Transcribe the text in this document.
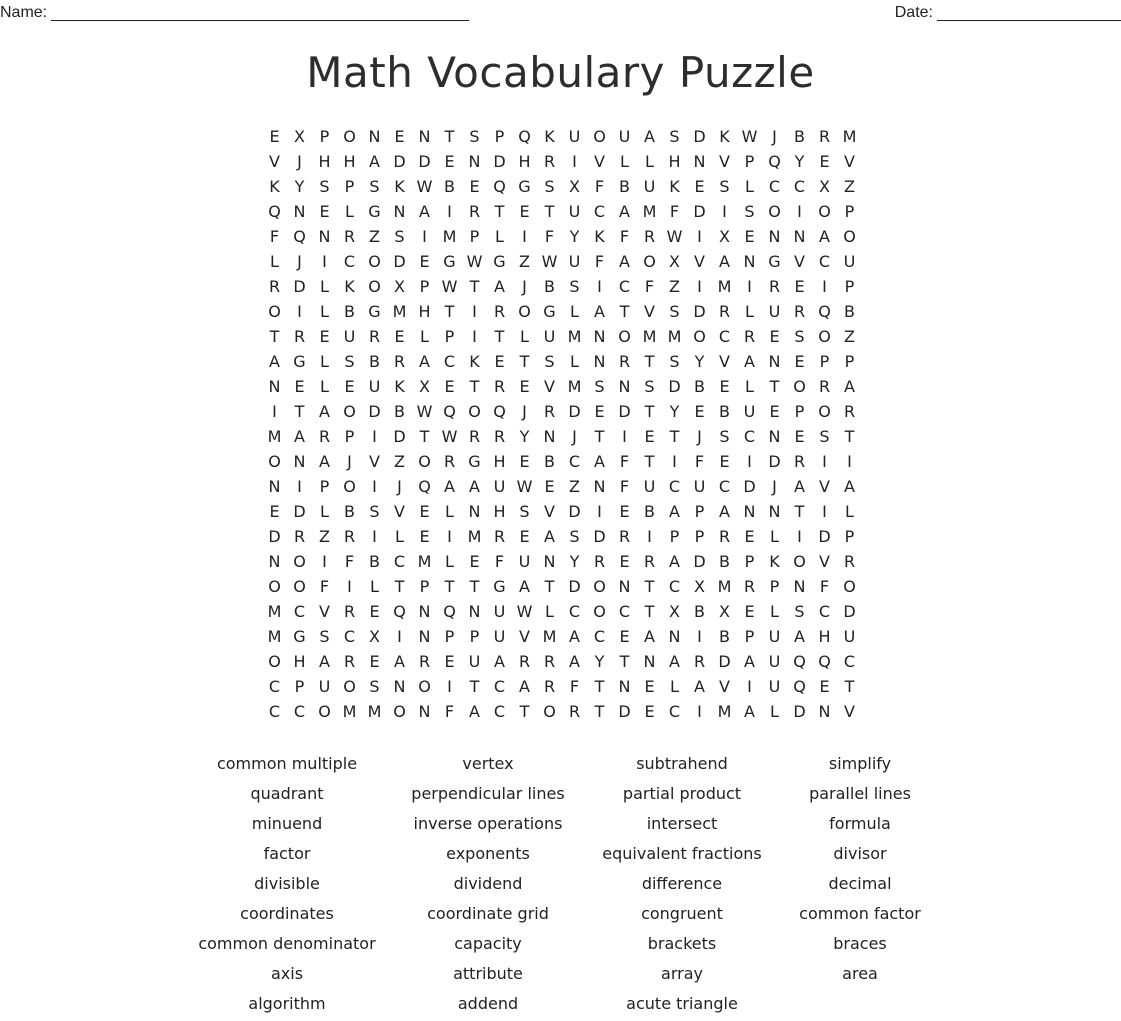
Name:	Date:
Math Vocabulary Puzzle
E X P O N E N T S P Q K U O U A S D K W J	B R M
V	J	H H A D D E N D H R	I	V L	L H N V P Q Y E V
K Y S P S K W B E Q G S X F B U K E S L C C X Z
Q N E L G N A	I	R T E T U C A M F D	I	S O	I	O P
F Q N R Z S	I M P L	I	F Y K F R W I	X E N N A O
L	J	I	C O D E G W G Z W U F A O X V A N G V C U
R D L K O X P W T A	J	B S	I	C F Z	I M I	R E	I	P
O	I	L B G M H T	I	R O G L A T V S D R L U R Q B
T R E U R E L P	I	T L U M N O M M O C R E S O Z
A G L S B R A C K E T S L N R T S Y V A N E P P
N E L E U K X E T R E V M S N S D B E L T O R A
I	T A O D B W Q O Q	J	R D E D T Y E B U E P O R
M A R P	I	D T W R R Y N	J	T	I	E T	J	S C N E S T
O N A	J	V Z O R G H E B C A F T	I	F E	I	D R	I	I
N	I	P O	I	J	Q A A U W E Z N F U C U C D	J	A V A
E D L B S V E L N H S V D	I	E B A P A N N T	I	L
D R Z R	I	L E	I M R E A S D R	I	P P R E L	I	D P
N O	I	F B C M L E F U N Y R E R A D B P K O V R
O O F	I	L T P T T G A T D O N T C X M R P N F O
M C V R E Q N Q N U W L C O C T X B X E L S C D
M G S C X	I	N P P U V M A C E A N	I	B P U A H U
O H A R E A R E U A R R A Y T N A R D A U Q Q C
C P U O S N O	I	T C A R F T N E L A V	I	U Q E T
C C O M M O N F A C T O R T D E C	I M A L D N V
common multiple	vertex	subtrahend	simplify
quadrant	perpendicular lines	partial product	parallel lines
minuend	inverse operations	intersect	formula
factor	exponents	equivalent fractions	divisor
divisible	dividend	difference	decimal
coordinates	coordinate grid	congruent	common factor
common denominator	capacity	brackets	braces
axis	attribute	array	area
algorithm	addend	acute triangle
